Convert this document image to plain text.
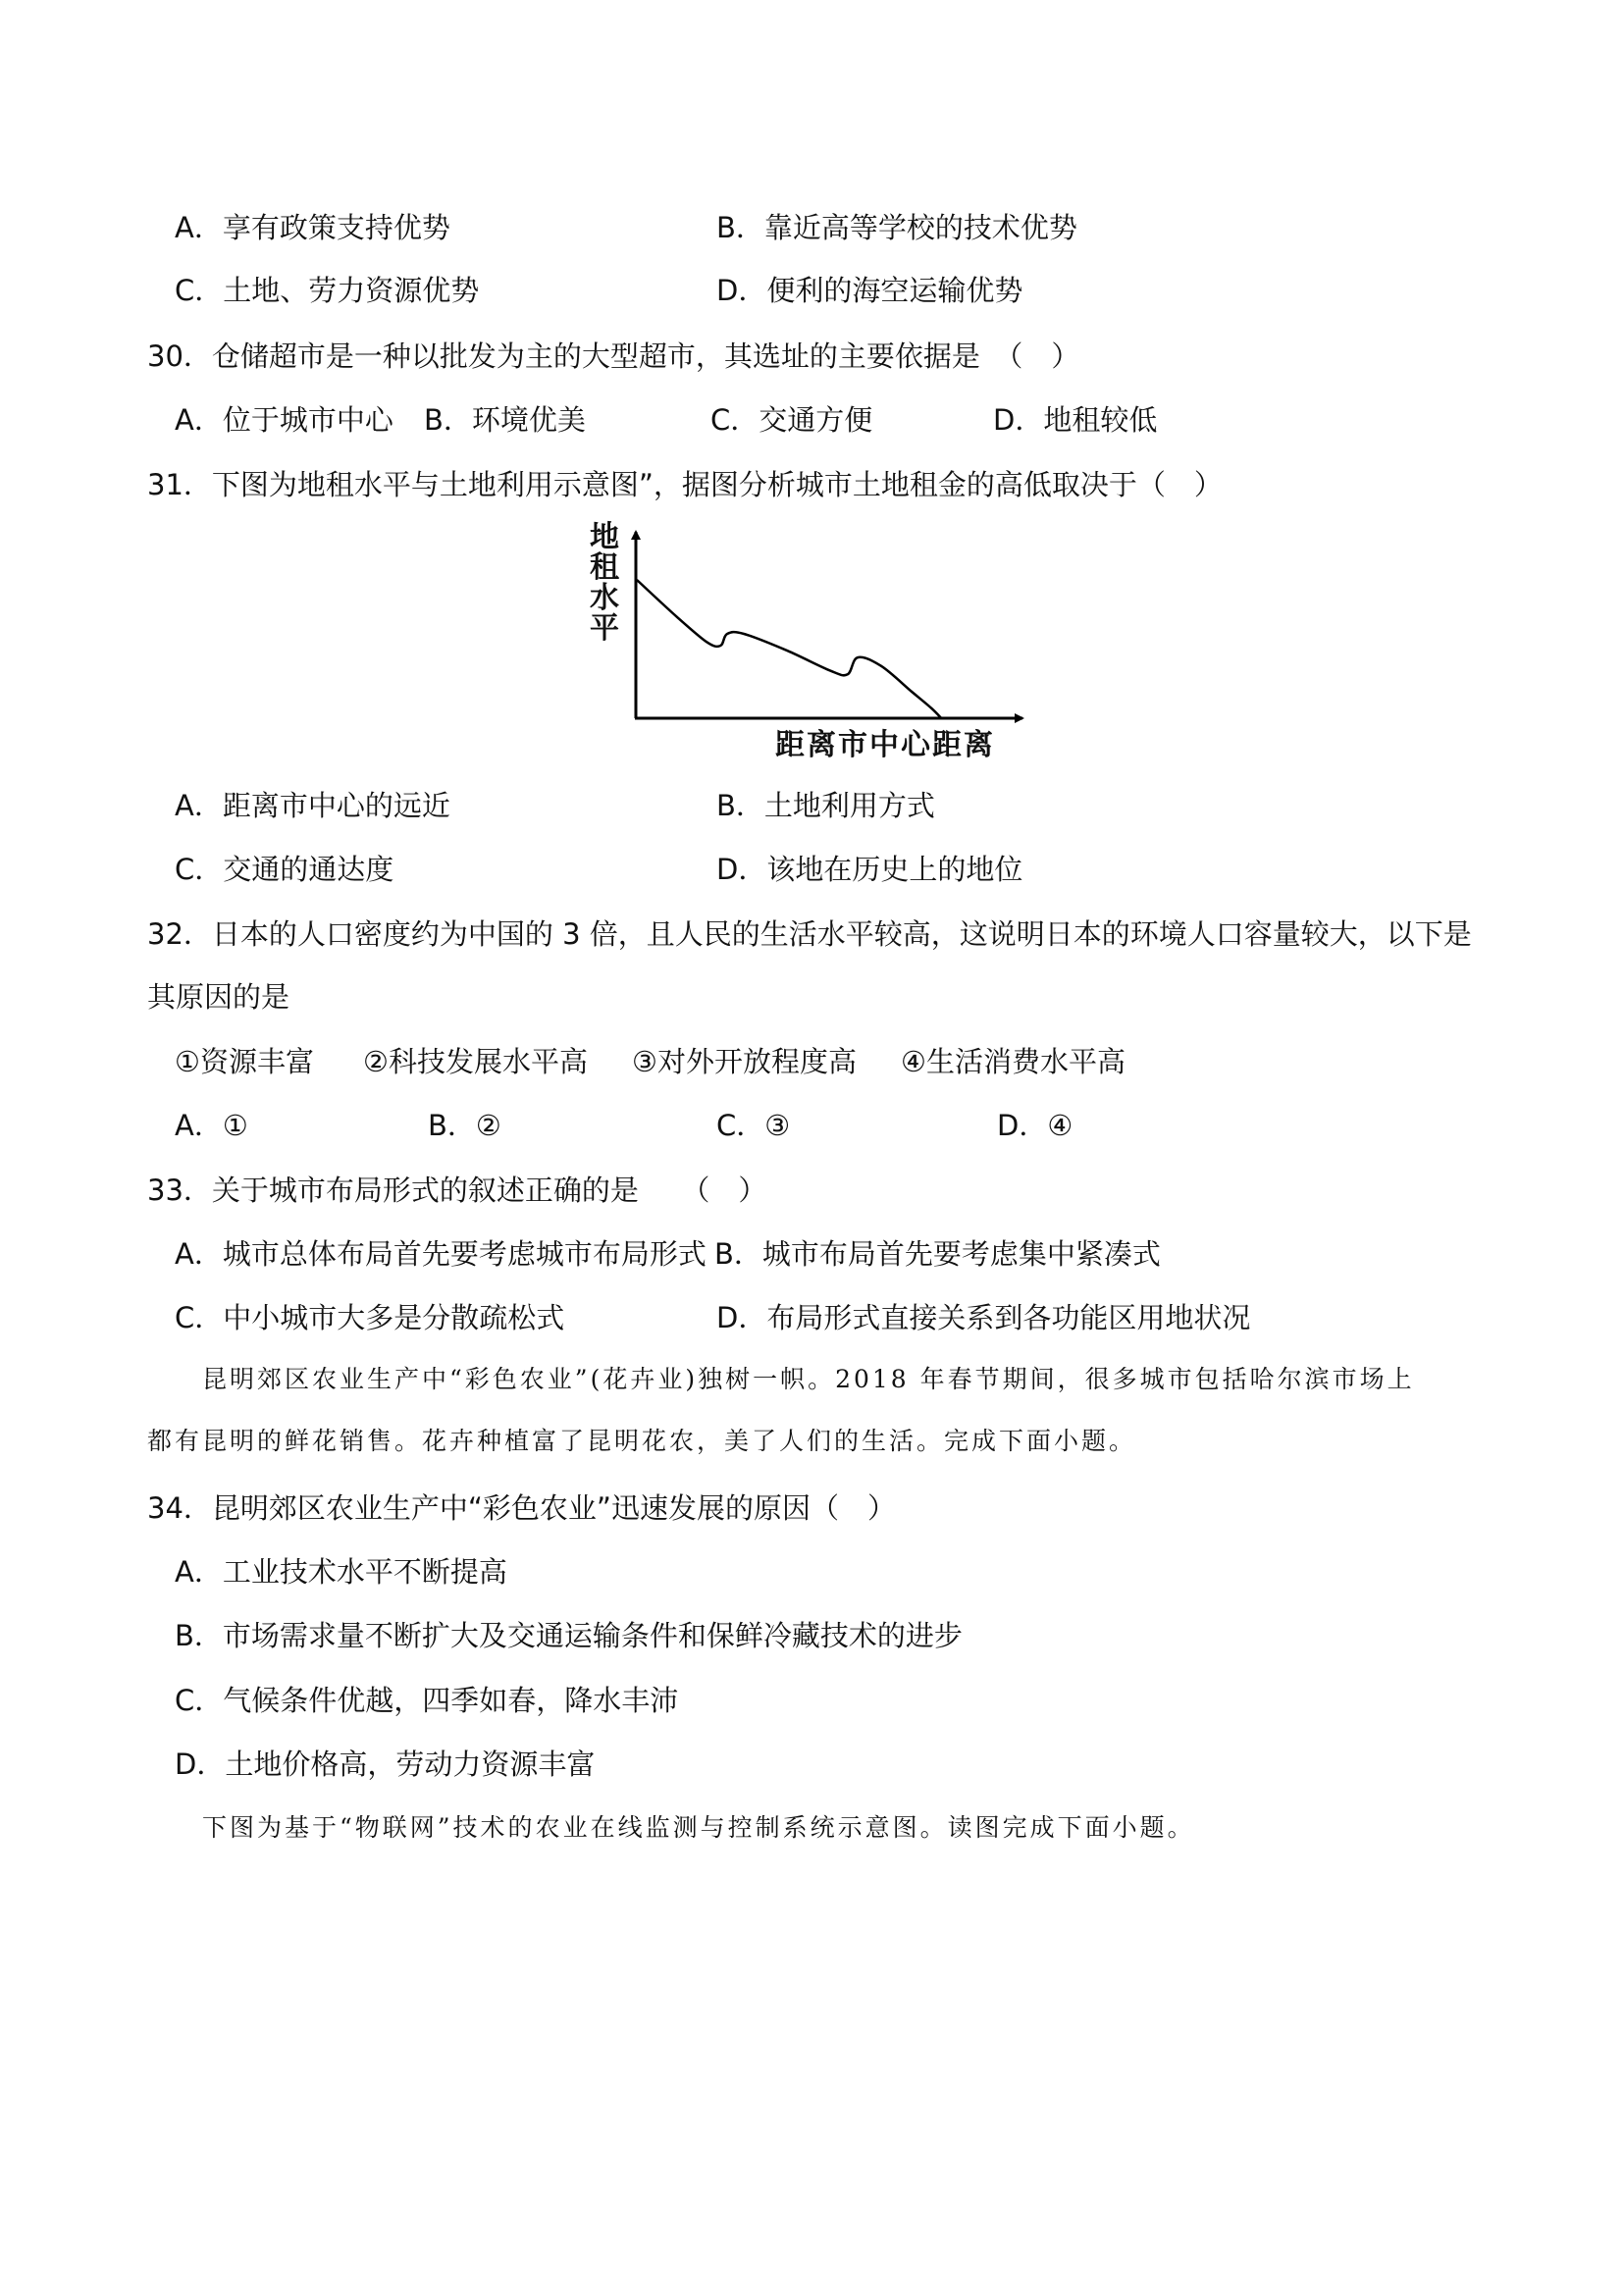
A．享有政策支持优势	B．靠近高等学校的技术优势
C．土地、劳力资源优势	D．便利的海空运输优势
30．仓储超市是一种以批发为主的大型超市，其选址的主要依据是　（　）
A．位于城市中心 B．环境优美	C．交通方便	D．地租较低
31．下图为地租水平与土地利用示意图”，据图分析城市土地租金的高低取决于（　）
地
租
水
平
距离市中心距离
A．距离市中心的远近	B．土地利用方式
C．交通的通达度	D．该地在历史上的地位
32．日本的人口密度约为中国的 3 倍，且人民的生活水平较高，这说明日本的环境人口容量较大，以下是
其原因的是
①资源丰富 ②科技发展水平高 ③对外开放程度高 ④生活消费水平高
A．①	B．②	C．③	D．④
33．关于城市布局形式的叙述正确的是　　（　）
A．城市总体布局首先要考虑城市布局形式 B．城市布局首先要考虑集中紧凑式
C．中小城市大多是分散疏松式	D．布局形式直接关系到各功能区用地状况
昆明郊区农业生产中“彩色农业”(花卉业)独树一帜。2018 年春节期间，很多城市包括哈尔滨市场上
都有昆明的鲜花销售。花卉种植富了昆明花农，美了人们的生活。完成下面小题。
34．昆明郊区农业生产中“彩色农业”迅速发展的原因（　）
A．工业技术水平不断提高
B．市场需求量不断扩大及交通运输条件和保鲜冷藏技术的进步
C．气候条件优越，四季如春，降水丰沛
D．土地价格高，劳动力资源丰富
下图为基于“物联网”技术的农业在线监测与控制系统示意图。读图完成下面小题。
